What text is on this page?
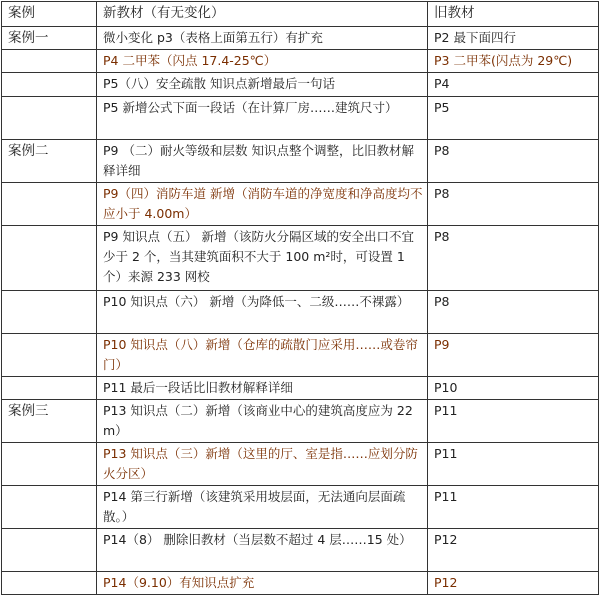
案例	新教材（有无变化）	旧教材
案例一	微小变化 p3（表格上面第五行）有扩充	P2 最下面四行
	P4 二甲苯（闪点 17.4-25℃）	P3 二甲苯(闪点为 29℃)
	P5（八）安全疏散 知识点新增最后一句话	P4
	P5 新增公式下面一段话（在计算厂房……建筑尺寸）	P5
案例二	P9 （二）耐火等级和层数 知识点整个调整，比旧教材解释详细	P8
	P9（四）消防车道 新增（消防车道的净宽度和净高度均不应小于 4.00m）	P8
	P9 知识点（五） 新增（该防火分隔区域的安全出口不宜少于 2 个，当其建筑面积不大于 100 m²时，可设置 1 个）来源 233 网校	P8
	P10 知识点（六） 新增（为降低一、二级……不裸露）	P8
	P10 知识点（八）新增（仓库的疏散门应采用……或卷帘门）	P9
	P11 最后一段话比旧教材解释详细	P10
案例三	P13 知识点（二）新增（该商业中心的建筑高度应为 22m）	P11
	P13 知识点（三）新增（这里的厅、室是指……应划分防火分区）	P11
	P14 第三行新增（该建筑采用坡层面，无法通向层面疏散。）	P11
	P14（8） 删除旧教材（当层数不超过 4 层……15 处）	P12
	P14（9.10）有知识点扩充	P12
